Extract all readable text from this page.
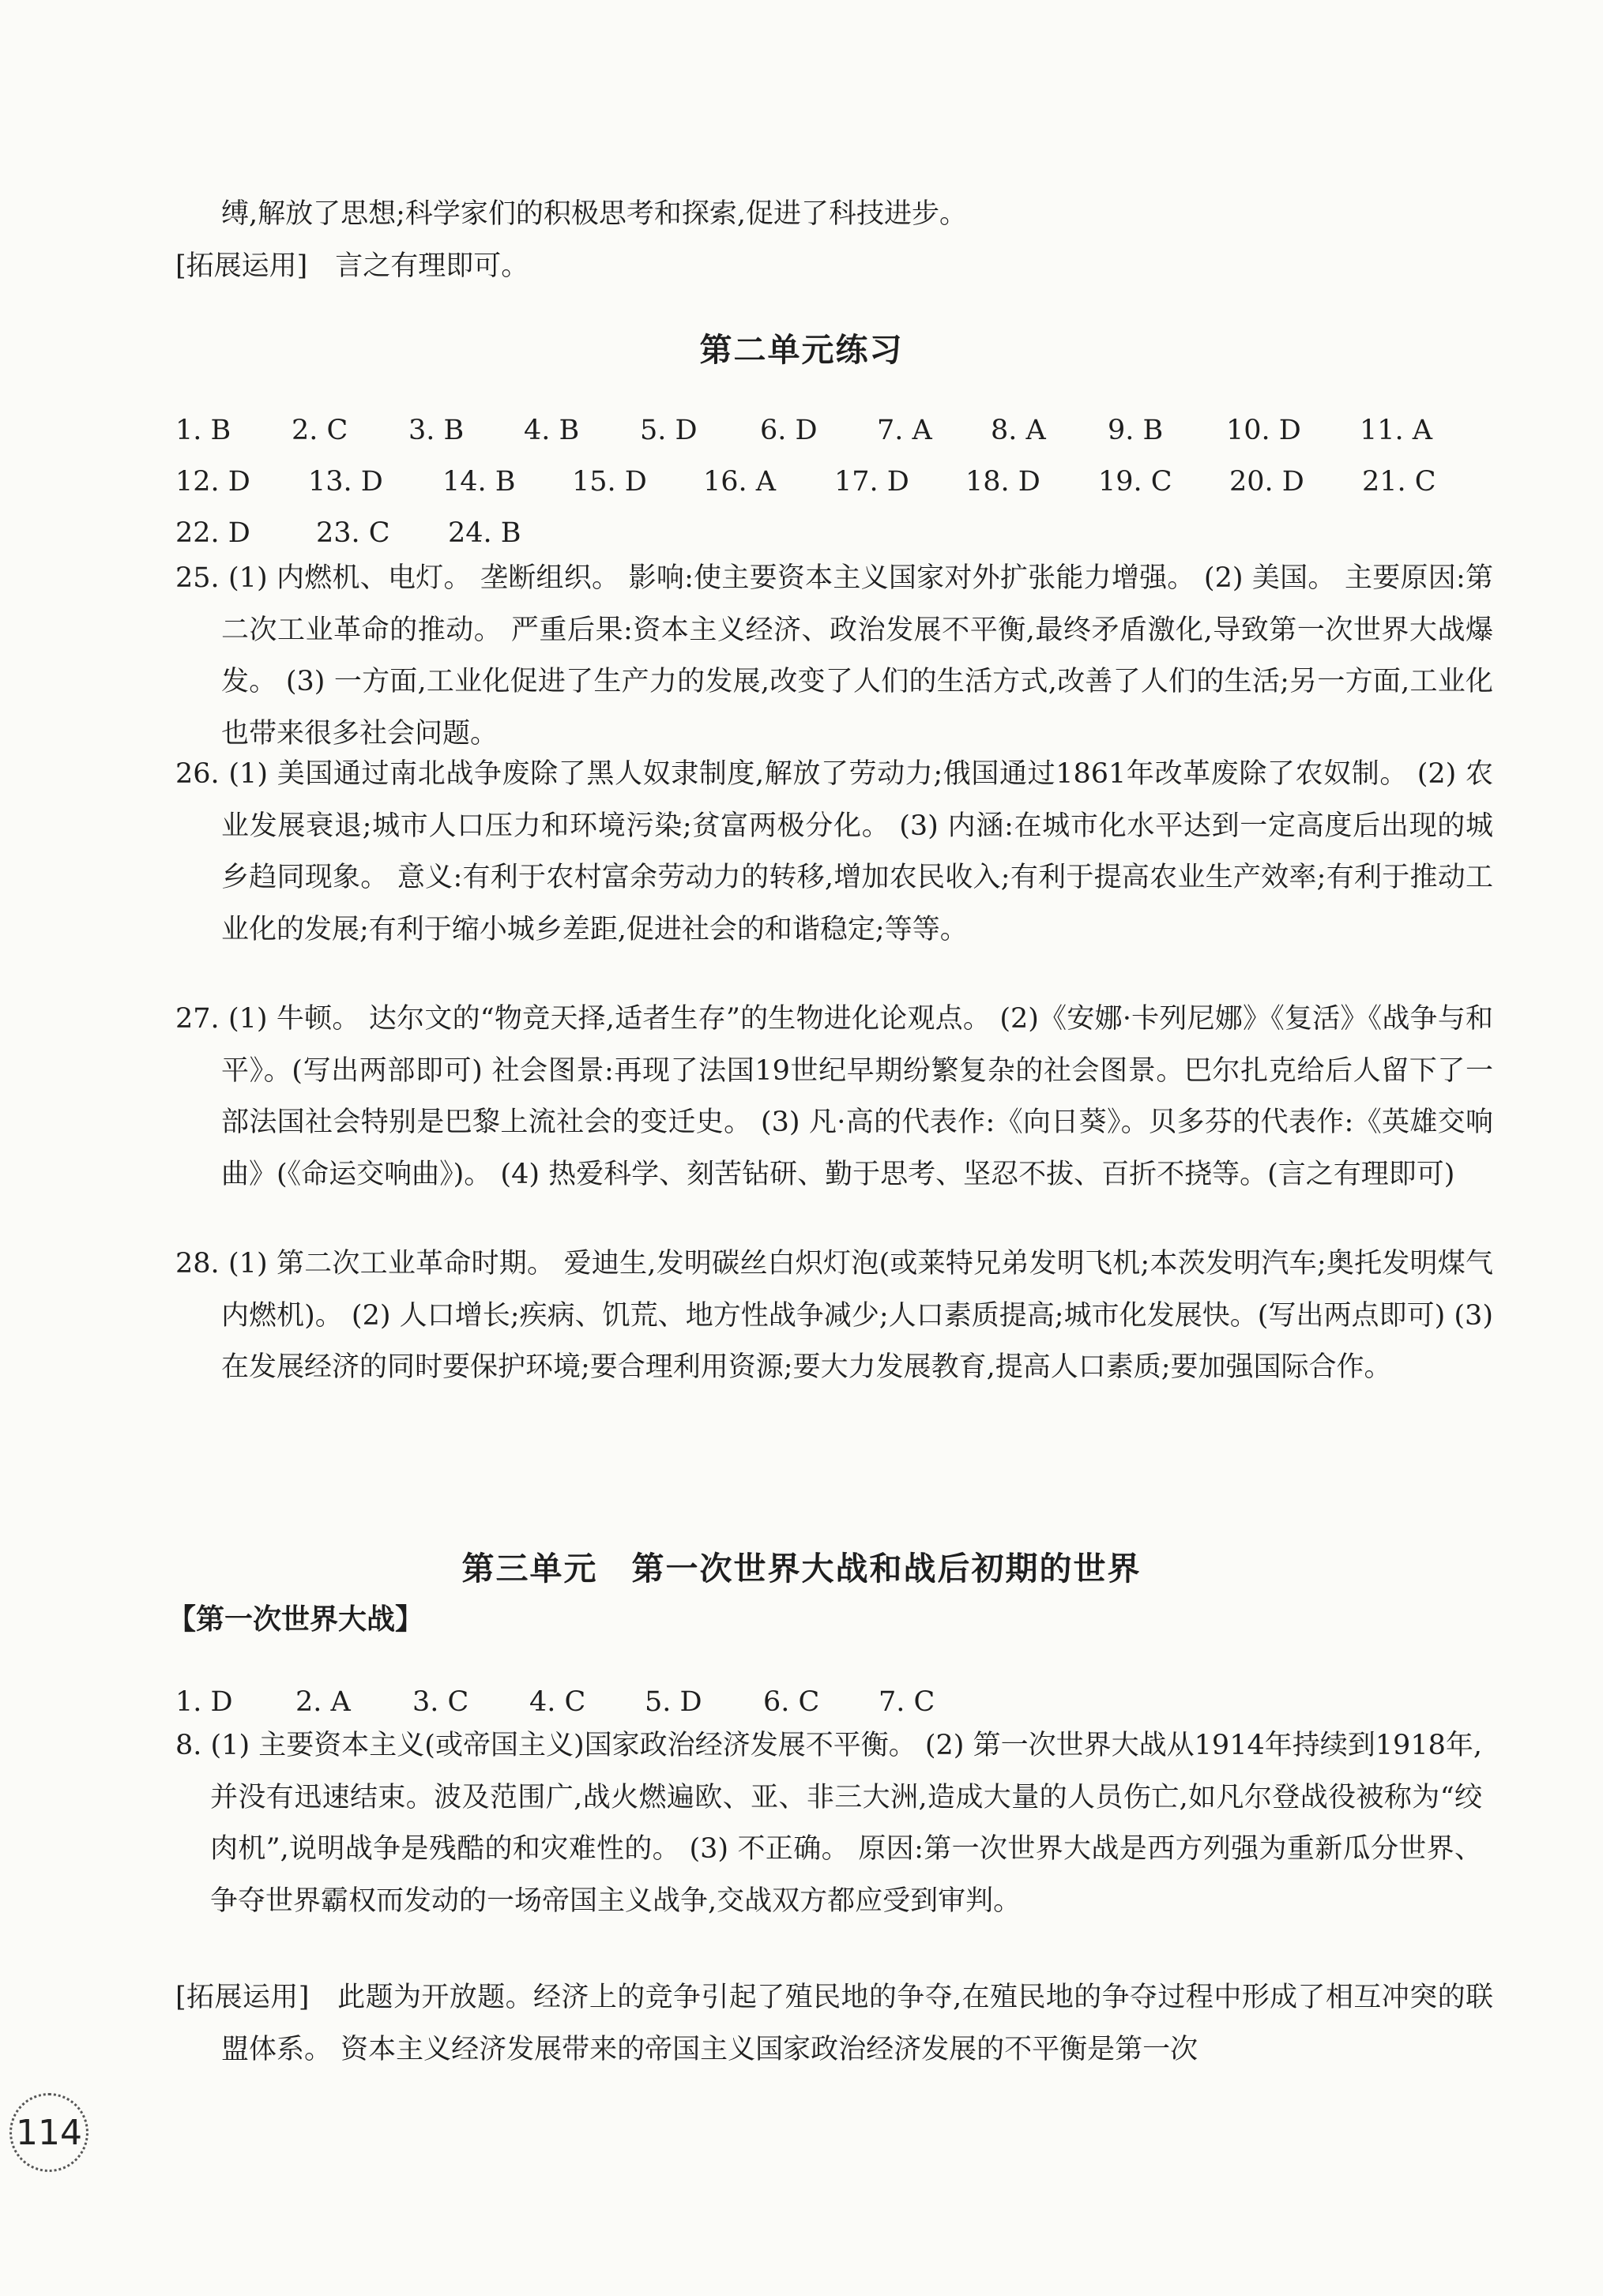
缚,解放了思想;科学家们的积极思考和探索,促进了科技进步。
[拓展运用]　言之有理即可。
第二单元练习
1. B 2. C 3. B 4. B 5. D 6. D 7. A 8. A 9. B 10. D 11. A
12. D 13. D 14. B 15. D 16. A 17. D 18. D 19. C 20. D 21. C
22. D 23. C 24. B
25. (1) 内燃机、电灯。 垄断组织。 影响:使主要资本主义国家对外扩张能力增强。 (2) 美国。 主要原因:第二次工业革命的推动。 严重后果:资本主义经济、政治发展不平衡,最终矛盾激化,导致第一次世界大战爆发。 (3) 一方面,工业化促进了生产力的发展,改变了人们的生活方式,改善了人们的生活;另一方面,工业化也带来很多社会问题。
26. (1) 美国通过南北战争废除了黑人奴隶制度,解放了劳动力;俄国通过1861年改革废除了农奴制。 (2) 农业发展衰退;城市人口压力和环境污染;贫富两极分化。 (3) 内涵:在城市化水平达到一定高度后出现的城乡趋同现象。 意义:有利于农村富余劳动力的转移,增加农民收入;有利于提高农业生产效率;有利于推动工业化的发展;有利于缩小城乡差距,促进社会的和谐稳定;等等。
27. (1) 牛顿。 达尔文的“物竞天择,适者生存”的生物进化论观点。 (2)《安娜·卡列尼娜》《复活》《战争与和平》。(写出两部即可) 社会图景:再现了法国19世纪早期纷繁复杂的社会图景。巴尔扎克给后人留下了一部法国社会特别是巴黎上流社会的变迁史。 (3) 凡·高的代表作:《向日葵》。贝多芬的代表作:《英雄交响曲》(《命运交响曲》)。 (4) 热爱科学、刻苦钻研、勤于思考、坚忍不拔、百折不挠等。(言之有理即可)
28. (1) 第二次工业革命时期。 爱迪生,发明碳丝白炽灯泡(或莱特兄弟发明飞机;本茨发明汽车;奥托发明煤气内燃机)。 (2) 人口增长;疾病、饥荒、地方性战争减少;人口素质提高;城市化发展快。(写出两点即可) (3) 在发展经济的同时要保护环境;要合理利用资源;要大力发展教育,提高人口素质;要加强国际合作。
第三单元　第一次世界大战和战后初期的世界
【第一次世界大战】
1. D 2. A 3. C 4. C 5. D 6. C 7. C
8. (1) 主要资本主义(或帝国主义)国家政治经济发展不平衡。 (2) 第一次世界大战从1914年持续到1918年,并没有迅速结束。波及范围广,战火燃遍欧、亚、非三大洲,造成大量的人员伤亡,如凡尔登战役被称为“绞肉机”,说明战争是残酷的和灾难性的。 (3) 不正确。 原因:第一次世界大战是西方列强为重新瓜分世界、争夺世界霸权而发动的一场帝国主义战争,交战双方都应受到审判。
[拓展运用]　此题为开放题。经济上的竞争引起了殖民地的争夺,在殖民地的争夺过程中形成了相互冲突的联盟体系。 资本主义经济发展带来的帝国主义国家政治经济发展的不平衡是第一次
114
